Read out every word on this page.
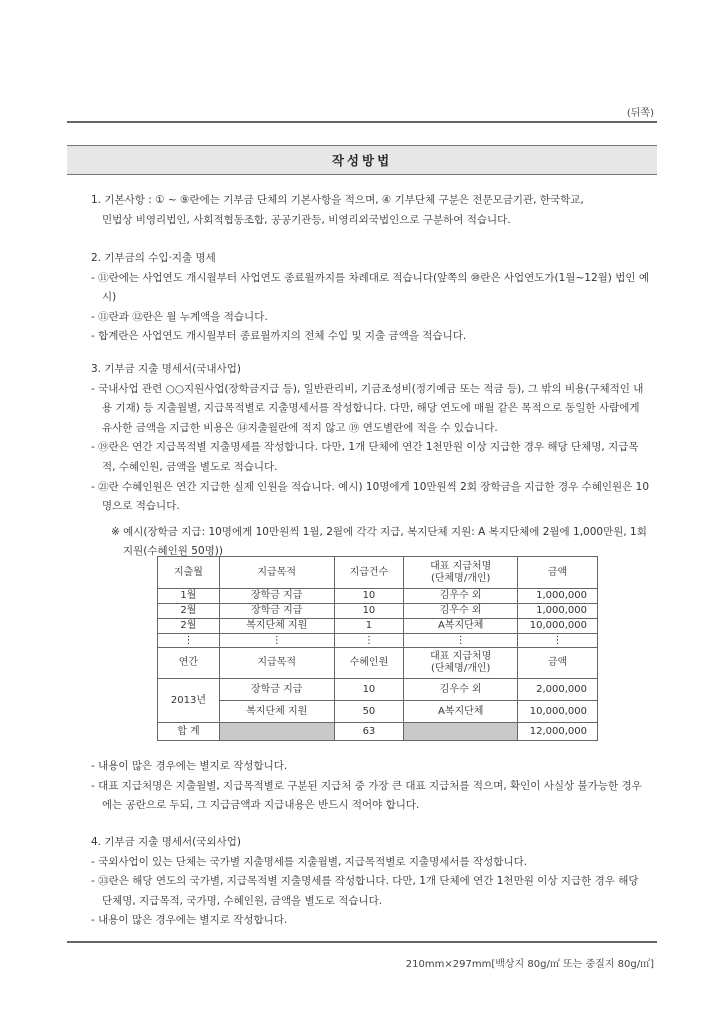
(뒤쪽)
작성방법

1. 기본사항 : ① ~ ⑨란에는 기부금 단체의 기본사항을 적으며, ④ 기부단체 구분은 전문모금기관, 한국학교,

민법상 비영리법인, 사회적협동조합, 공공기관등, 비영리외국법인으로 구분하여 적습니다.

2. 기부금의 수입·지출 명세

- ⑪란에는 사업연도 개시월부터 사업연도 종료월까지를 차례대로 적습니다(앞쪽의 ⑩란은 사업연도가(1월~12월) 법인 예시)

- ⑪란과 ⑫란은 월 누계액을 적습니다.

- 합계란은 사업연도 개시월부터 종료월까지의 전체 수입 및 지출 금액을 적습니다.

3. 기부금 지출 명세서(국내사업)

- 국내사업 관련 ○○지원사업(장학금지급 등), 일반관리비, 기금조성비(정기예금 또는 적금 등), 그 밖의 비용(구체적인 내용 기재) 등 지출월별, 지급목적별로 지출명세서를 작성합니다. 다만, 해당 연도에 매월 같은 목적으로 동일한 사람에게 유사한 금액을 지급한 비용은 ⑭지출월란에 적지 않고 ⑲ 연도별란에 적을 수 있습니다.

- ⑲란은 연간 지급목적별 지출명세를 작성합니다. 다만, 1개 단체에 연간 1천만원 이상 지급한 경우 해당 단체명, 지급목적, 수혜인원, 금액을 별도로 적습니다.

- ㉑란 수혜인원은 연간 지급한 실제 인원을 적습니다. 예시) 10명에게 10만원씩 2회 장학금을 지급한 경우 수혜인원은 10명으로 적습니다.

※ 예시(장학금 지급: 10명에게 10만원씩 1월, 2월에 각각 지급, 복지단체 지원: A 복지단체에 2월에 1,000만원, 1회 지원(수혜인원 50명))

지출월	지급목적	지급건수	대표 지급처명
(단체명/개인)	금액
1월	장학금 지급	10	김우수 외	1,000,000
2월	장학금 지급	10	김우수 외	1,000,000
2월	복지단체 지원	1	A복지단체	10,000,000
⋮	⋮	⋮	⋮	⋮
연간	지급목적	수혜인원	대표 지급처명
(단체명/개인)	금액
2013년	장학금 지급	10	김우수 외	2,000,000
	복지단체 지원	50	A복지단체	10,000,000
합 계		63		12,000,000

- 내용이 많은 경우에는 별지로 작성합니다.

- 대표 지급처명은 지출월별, 지급목적별로 구분된 지급처 중 가장 큰 대표 지급처를 적으며, 확인이 사실상 불가능한 경우에는 공란으로 두되, 그 지급금액과 지급내용은 반드시 적어야 합니다.

4. 기부금 지출 명세서(국외사업)

- 국외사업이 있는 단체는 국가별 지출명세를 지출월별, 지급목적별로 지출명세서를 작성합니다.

- ㉝란은 해당 연도의 국가별, 지급목적별 지출명세를 작성합니다. 다만, 1개 단체에 연간 1천만원 이상 지급한 경우 해당 단체명, 지급목적, 국가명, 수혜인원, 금액을 별도로 적습니다.

- 내용이 많은 경우에는 별지로 작성합니다.

210mm×297mm[백상지 80g/㎡ 또는 중질지 80g/㎡]
